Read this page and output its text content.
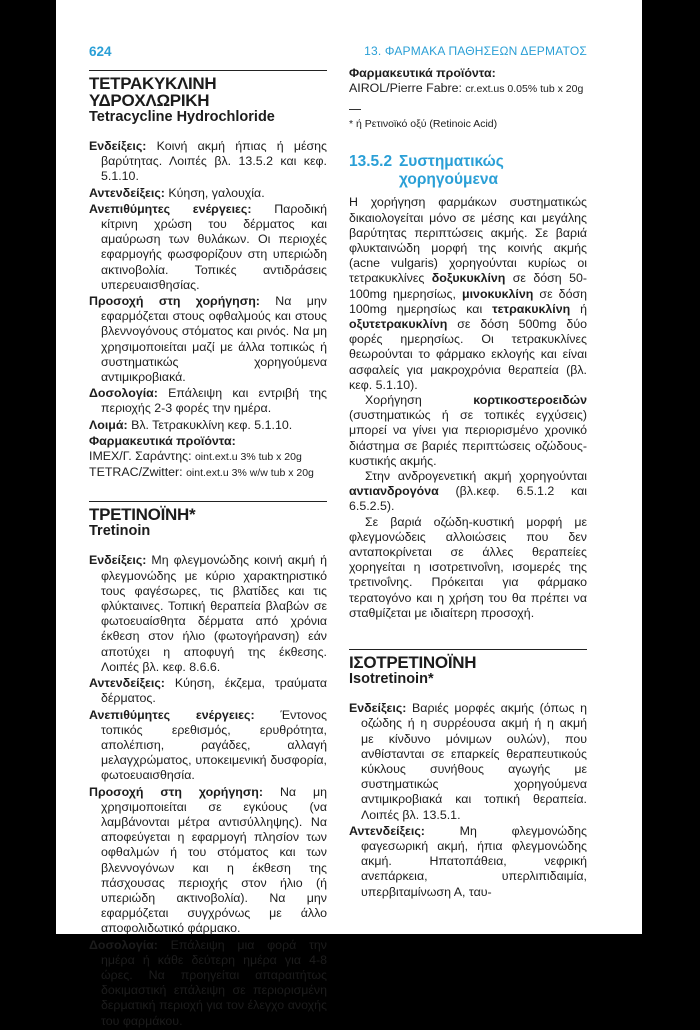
624	13. ΦΑΡΜΑΚΑ ΠΑΘΗΣΕΩΝ ΔΕΡΜΑΤΟΣ
ΤΕΤΡΑΚΥΚΛΙΝΗ ΥΔΡΟΧΛΩΡΙΚΗ
Tetracycline Hydrochloride

Ενδείξεις: Κοινή ακμή ήπιας ή μέσης βαρύτητας. Λοιπές βλ. 13.5.2 και κεφ. 5.1.10.

Αντενδείξεις: Κύηση, γαλουχία.

Ανεπιθύμητες ενέργειες: Παροδική κίτρινη χρώση του δέρματος και αμαύρωση των θυλάκων. Οι περιοχές εφαρμογής φωσφορίζουν στη υπεριώδη ακτινοβολία. Τοπικές αντιδράσεις υπερευαισθησίας.

Προσοχή στη χορήγηση: Να μην εφαρμόζεται στους οφθαλμούς και στους βλεννογόνους στόματος και ρινός. Να μη χρησιμοποιείται μαζί με άλλα τοπικώς ή συστηματικώς χορηγούμενα αντιμικροβιακά.

Δοσολογία: Επάλειψη και εντριβή της περιοχής 2-3 φορές την ημέρα.

Λοιμά: Βλ. Τετρακυκλίνη κεφ. 5.1.10.

Φαρμακευτικά προϊόντα:

IMEX/Γ. Σαράντης: oint.ext.u 3% tub x 20g

TETRAC/Zwitter: oint.ext.u 3% w/w tub x 20g

ΤΡΕΤΙΝΟΪΝΗ*
Tretinoin

Ενδείξεις: Μη φλεγμονώδης κοινή ακμή ή φλεγμονώδης με κύριο χαρακτηριστικό τους φαγέσωρες, τις βλατίδες και τις φλύκταινες. Τοπική θεραπεία βλαβών σε φωτοευαίσθητα δέρματα από χρόνια έκθεση στον ήλιο (φωτογήρανση) εάν αποτύχει η αποφυγή της έκθεσης. Λοιπές βλ. κεφ. 8.6.6.

Αντενδείξεις: Κύηση, έκζεμα, τραύματα δέρματος.

Ανεπιθύμητες ενέργειες: Έντονος τοπικός ερεθισμός, ερυθρότητα, απολέπιση, ραγάδες, αλλαγή μελαγχρώματος, υποκειμενική δυσφορία, φωτοευαισθησία.

Προσοχή στη χορήγηση: Να μη χρησιμοποιείται σε εγκύους (να λαμβάνονται μέτρα αντισύλληψης). Να αποφεύγεται η εφαρμογή πλησίον των οφθαλμών ή του στόματος και των βλεννογόνων και η έκθεση της πάσχουσας περιοχής στον ήλιο (ή υπεριώδη ακτινοβολία). Να μην εφαρμόζεται συγχρόνως με άλλο αποφολιδωτικό φάρμακο.

Δοσολογία: Επάλειψη μια φορά την ημέρα ή κάθε δεύτερη ημέρα για 4-8 ώρες. Να προηγείται απαραιτήτως δοκιμαστική επάλειψη σε περιορισμένη δερματική περιοχή για τον έλεγχο ανοχής του φαρμάκου.

Φαρμακευτικά προϊόντα:

AIROL/Pierre Fabre: cr.ext.us 0.05% tub x 20g

* ή Ρετινοϊκό οξύ (Retinoic Acid)
13.5.2 Συστηματικώς χορηγούμενα

Η χορήγηση φαρμάκων συστηματικώς δικαιολογείται μόνο σε μέσης και μεγάλης βαρύτητας περιπτώσεις ακμής. Σε βαριά φλυκταινώδη μορφή της κοινής ακμής (acne vulgaris) χορηγούνται κυρίως οι τετρακυκλίνες δοξυκυκλίνη σε δόση 50-100mg ημερησίως, μινοκυκλίνη σε δόση 100mg ημερησίως και τετρακυκλίνη ή οξυτετρακυκλίνη σε δόση 500mg δύο φορές ημερησίως. Οι τετρακυκλίνες θεωρούνται το φάρμακο εκλογής και είναι ασφαλείς για μακροχρόνια θεραπεία (βλ. κεφ. 5.1.10).

Χορήγηση κορτικοστεροειδών (συστηματικώς ή σε τοπικές εγχύσεις) μπορεί να γίνει για περιορισμένο χρονικό διάστημα σε βαριές περιπτώσεις οζώδους-κυστικής ακμής.

Στην ανδρογενετική ακμή χορηγούνται αντιανδρογόνα (βλ.κεφ. 6.5.1.2 και 6.5.2.5).

Σε βαριά οζώδη-κυστική μορφή με φλεγμονώδεις αλλοιώσεις που δεν ανταποκρίνεται σε άλλες θεραπείες χορηγείται η ισοτρετινοΐνη, ισομερές της τρετινοΐνης. Πρόκειται για φάρμακο τερατογόνο και η χρήση του θα πρέπει να σταθμίζεται με ιδιαίτερη προσοχή.

ΙΣΟΤΡΕΤΙΝΟΪΝΗ
Isotretinoin*

Ενδείξεις: Βαριές μορφές ακμής (όπως η οζώδης ή η συρρέουσα ακμή ή η ακμή με κίνδυνο μόνιμων ουλών), που ανθίστανται σε επαρκείς θεραπευτικούς κύκλους συνήθους αγωγής με συστηματικώς χορηγούμενα αντιμικροβιακά και τοπική θεραπεία. Λοιπές βλ. 13.5.1.

Αντενδείξεις:	Μη φλεγμονώδης φαγεσωρική ακμή, ήπια φλεγμονώδης ακμή. Ηπατοπάθεια, νεφρική ανεπάρκεια, υπερλιπιδαιμία, υπερβιταμίνωση Α, ταυ-
